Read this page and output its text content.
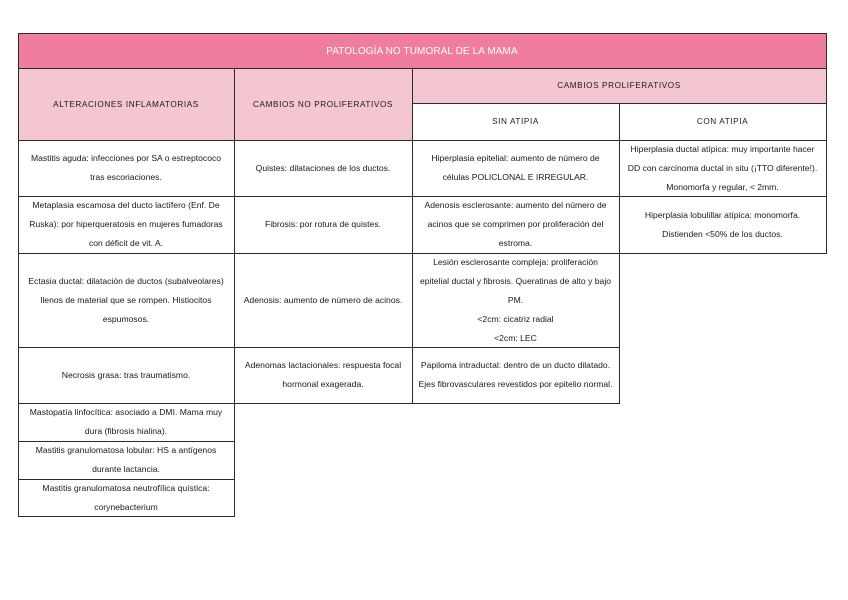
PATOLOGÍA NO TUMORAL DE LA MAMA
ALTERACIONES INFLAMATORIAS	CAMBIOS NO PROLIFERATIVOS
CAMBIOS PROLIFERATIVOS
SIN ATIPIA	CON ATIPIA
Mastitis aguda: infecciones por SA o estreptococo tras escoriaciones.
Metaplasia escamosa del ducto lactífero (Enf. De Ruska): por hiperqueratosis en mujeres fumadoras con déficit de vit. A.
Ectasia ductal: dilatación de ductos (subalveolares) llenos de material que se rompen. Histiocitos espumosos.
Necrosis grasa: tras traumatismo.
Mastopatía linfocítica: asociado a DMI. Mama muy dura (fibrosis hialina).
Mastitis granulomatosa lobular: HS a antígenos durante lactancia.
Mastitis granulomatosa neutrofílica quística: corynebacterium
Quistes: dilataciones de los ductos.
Fibrosis: por rotura de quistes.
Adenosis: aumento de número de acinos.
Adenomas lactacionales: respuesta focal hormonal exagerada.
Hiperplasia epitelial: aumento de número de células POLICLONAL E IRREGULAR.
Adenosis esclerosante: aumento del número de acinos que se comprimen por proliferación del estroma.
Lesión esclerosante compleja: proliferación epitelial ductal y fibrosis. Queratinas de alto y bajo PM.
<2cm: cicatriz radial
<2cm: LEC
Papiloma intraductal: dentro de un ducto dilatado. Ejes fibrovasculares revestidos por epitelio normal.
Hiperplasia ductal atípica: muy importante hacer DD con carcinoma ductal in situ (¡TTO diferente!). Monomorfa y regular, < 2mm.
Hiperplasia lobulillar atípica: monomorfa. Distienden <50% de los ductos.
